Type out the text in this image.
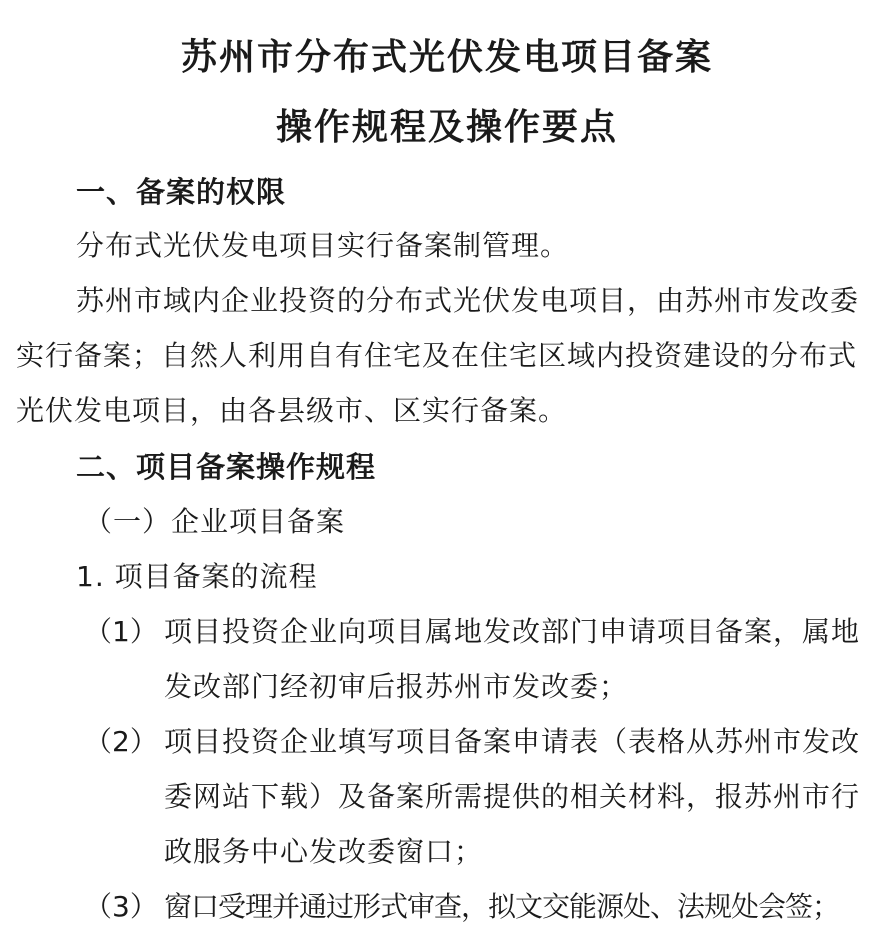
苏州市分布式光伏发电项目备案
操作规程及操作要点
一、备案的权限
分布式光伏发电项目实行备案制管理。
苏州市域内企业投资的分布式光伏发电项目，由苏州市发改委
实行备案；自然人利用自有住宅及在住宅区域内投资建设的分布式
光伏发电项目，由各县级市、区实行备案。
二、项目备案操作规程
（一）企业项目备案
1. 项目备案的流程
（1） 项目投资企业向项目属地发改部门申请项目备案，属地
发改部门经初审后报苏州市发改委；
（2） 项目投资企业填写项目备案申请表（表格从苏州市发改
委网站下载）及备案所需提供的相关材料，报苏州市行
政服务中心发改委窗口；
（3） 窗口受理并通过形式审查，拟文交能源处、法规处会签；
